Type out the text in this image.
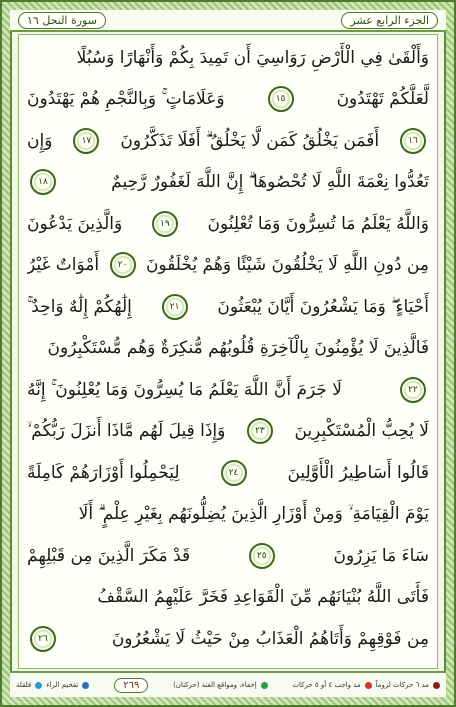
الجزء الرابع عشر
سورة النحل ١٦
وَأَلْقَىٰ فِي الْأَرْضِ رَوَاسِيَ أَن تَمِيدَ بِكُمْ وَأَنْهَارًا وَسُبُلًا
لَّعَلَّكُمْ تَهْتَدُونَ
١٥
وَعَلَامَاتٍ ۚ وَبِالنَّجْمِ هُمْ يَهْتَدُونَ
١٦
أَفَمَن يَخْلُقُ كَمَن لَّا يَخْلُقُ ۗ أَفَلَا تَذَكَّرُونَ
١٧
وَإِن
تَعُدُّوا نِعْمَةَ اللَّهِ لَا تُحْصُوهَا ۗ إِنَّ اللَّهَ لَغَفُورٌ رَّحِيمٌ
١٨
وَاللَّهُ يَعْلَمُ مَا تُسِرُّونَ وَمَا تُعْلِنُونَ
١٩
وَالَّذِينَ يَدْعُونَ
مِن دُونِ اللَّهِ لَا يَخْلُقُونَ شَيْئًا وَهُمْ يُخْلَقُونَ
٢٠
أَمْوَاتٌ غَيْرُ
أَحْيَاءٍ ۖ وَمَا يَشْعُرُونَ أَيَّانَ يُبْعَثُونَ
٢١
إِلَٰهُكُمْ إِلَٰهٌ وَاحِدٌ ۚ
فَالَّذِينَ لَا يُؤْمِنُونَ بِالْآخِرَةِ قُلُوبُهُم مُّنكِرَةٌ وَهُم مُّسْتَكْبِرُونَ
٢٢
لَا جَرَمَ أَنَّ اللَّهَ يَعْلَمُ مَا يُسِرُّونَ وَمَا يُعْلِنُونَ ۚ إِنَّهُ
لَا يُحِبُّ الْمُسْتَكْبِرِينَ
٢٣
وَإِذَا قِيلَ لَهُم مَّاذَا أَنزَلَ رَبُّكُمْ ۙ
قَالُوا أَسَاطِيرُ الْأَوَّلِينَ
٢٤
لِيَحْمِلُوا أَوْزَارَهُمْ كَامِلَةً
يَوْمَ الْقِيَامَةِ ۙ وَمِنْ أَوْزَارِ الَّذِينَ يُضِلُّونَهُم بِغَيْرِ عِلْمٍ ۗ أَلَا
سَاءَ مَا يَزِرُونَ
٢٥
قَدْ مَكَرَ الَّذِينَ مِن قَبْلِهِمْ
فَأَتَى اللَّهُ بُنْيَانَهُم مِّنَ الْقَوَاعِدِ فَخَرَّ عَلَيْهِمُ السَّقْفُ
مِن فَوْقِهِمْ وَأَتَاهُمُ الْعَذَابُ مِنْ حَيْثُ لَا يَشْعُرُونَ
٢٦
مد ٦ حركات لزوماً
مد واجب ٤ أو ٥ حركات
إخفاء، ومواقع الغنة (حركتان)
٢٦٩
تفخيم الراء
قلقلة
